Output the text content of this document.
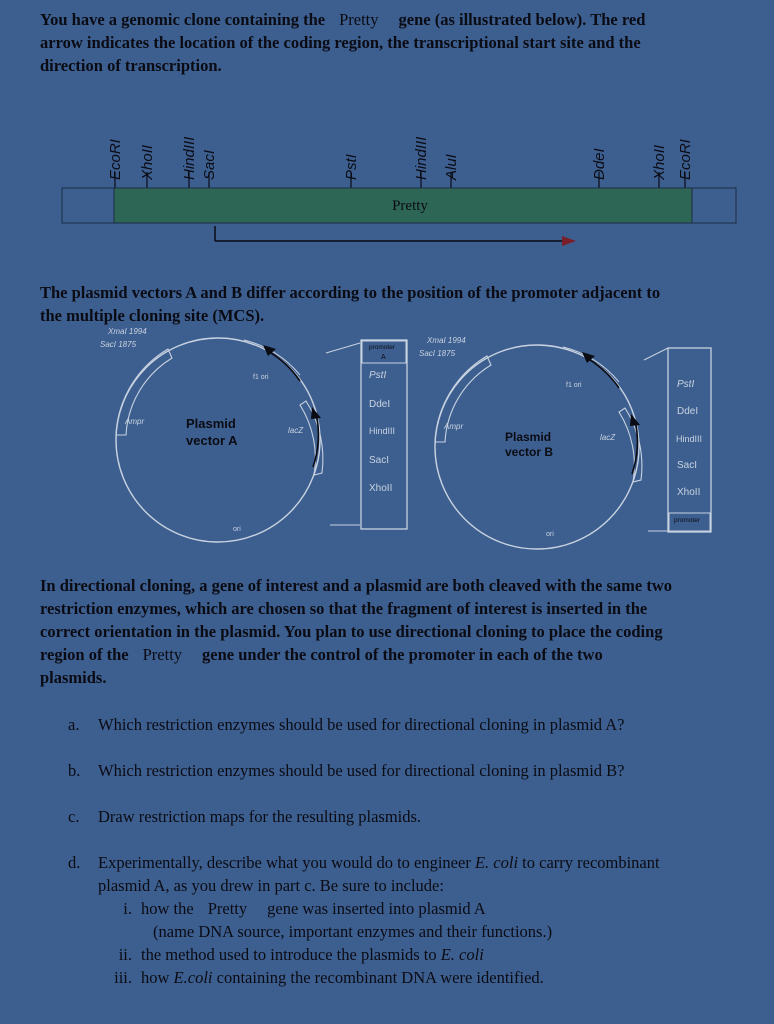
You have a genomic clone containing the Pretty gene (as illustrated below). The red
arrow indicates the location of the coding region, the transcriptional start site and the
direction of transcription.
EcoRI XhoII HindIII SacI	PstI	HindIII AluI	DdeI	XhoII EcoRI
Pretty
The plasmid vectors A and B differ according to the position of the promoter adjacent to
the multiple cloning site (MCS).
XmaI 1994
SacI 1875
Ampr
f1 ori
lacZ
ori
Plasmid
vector A
promoter
A
PstI
DdeI
HindIII
SacI
XhoII
XmaI 1994
SacI 1875
Ampr
f1 ori
lacZ
ori
Plasmid
vector B
promoter
PstI
DdeI
HindIII
SacI
XhoII
In directional cloning, a gene of interest and a plasmid are both cleaved with the same two
restriction enzymes, which are chosen so that the fragment of interest is inserted in the
correct orientation in the plasmid. You plan to use directional cloning to place the coding
region of the Pretty gene under the control of the promoter in each of the two
plasmids.
a. Which restriction enzymes should be used for directional cloning in plasmid A?
b. Which restriction enzymes should be used for directional cloning in plasmid B?
c. Draw restriction maps for the resulting plasmids.
d. Experimentally, describe what you would do to engineer E. coli to carry recombinant
plasmid A, as you drew in part c. Be sure to include:
i. how the Pretty gene was inserted into plasmid A
(name DNA source, important enzymes and their functions.)
ii. the method used to introduce the plasmids to E. coli
iii. how E.coli containing the recombinant DNA were identified.
